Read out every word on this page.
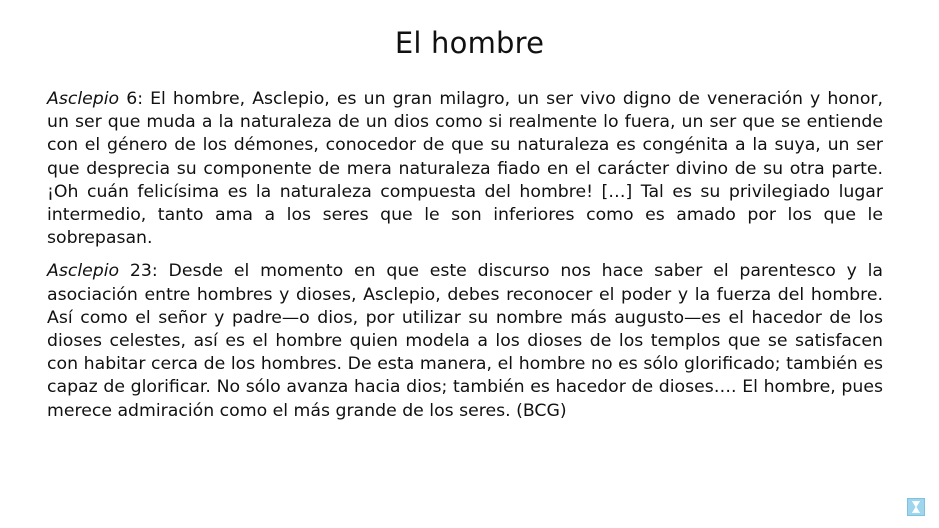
El hombre

Asclepio 6: El hombre, Asclepio, es un gran milagro, un ser vivo digno de veneración y honor, un ser que muda a la naturaleza de un dios como si realmente lo fuera, un ser que se entiende con el género de los démones, conocedor de que su naturaleza es congénita a la suya, un ser que desprecia su componente de mera naturaleza fiado en el carácter divino de su otra parte. ¡Oh cuán felicísima es la naturaleza compuesta del hombre! […] Tal es su privilegiado lugar intermedio, tanto ama a los seres que le son inferiores como es amado por los que le sobrepasan.

Asclepio 23: Desde el momento en que este discurso nos hace saber el parentesco y la asociación entre hombres y dioses, Asclepio, debes reconocer el poder y la fuerza del hombre. Así como el señor y padre—o dios, por utilizar su nombre más augusto—es el hacedor de los dioses celestes, así es el hombre quien modela a los dioses de los templos que se satisfacen con habitar cerca de los hombres. De esta manera, el hombre no es sólo glorificado; también es capaz de glorificar. No sólo avanza hacia dios; también es hacedor de dioses…. El hombre, pues merece admiración como el más grande de los seres. (BCG)
